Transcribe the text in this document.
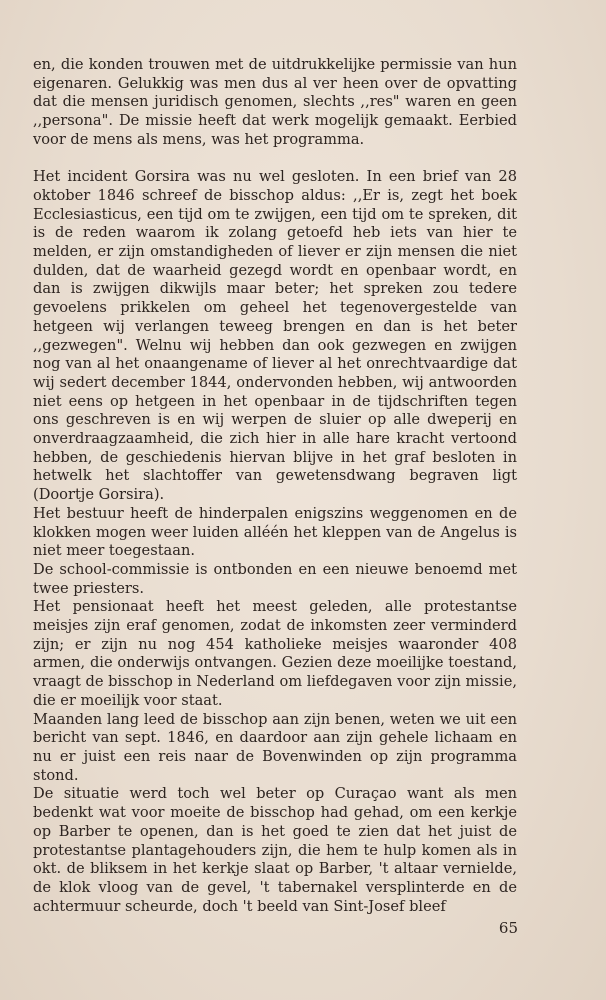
en, die konden trouwen met de uitdrukkelijke permissie van hun eigenaren. Gelukkig was men dus al ver heen over de opvatting dat die mensen juridisch genomen, slechts ,,res" waren en geen ,,persona". De missie heeft dat werk mogelijk gemaakt. Eerbied voor de mens als mens, was het programma.

Het incident Gorsira was nu wel gesloten. In een brief van 28 oktober 1846 schreef de bisschop aldus: ,,Er is, zegt het boek Ecclesiasticus, een tijd om te zwijgen, een tijd om te spreken, dit is de reden waarom ik zolang getoefd heb iets van hier te melden, er zijn omstandigheden of liever er zijn mensen die niet dulden, dat de waarheid gezegd wordt en openbaar wordt, en dan is zwijgen dikwijls maar beter; het spreken zou tedere gevoelens prikkelen om geheel het tegenovergestelde van hetgeen wij verlangen teweeg brengen en dan is het beter ,,gezwegen". Welnu wij hebben dan ook gezwegen en zwijgen nog van al het onaangename of liever al het onrechtvaardige dat wij sedert december 1844, ondervonden hebben, wij antwoorden niet eens op hetgeen in het openbaar in de tijdschriften tegen ons geschreven is en wij werpen de sluier op alle dweperij en onverdraagzaamheid, die zich hier in alle hare kracht vertoond hebben, de geschiedenis hiervan blijve in het graf besloten in hetwelk het slachtoffer van gewetensdwang begraven ligt (Doortje Gorsira).

Het bestuur heeft de hinderpalen enigszins weggenomen en de klokken mogen weer luiden alléén het kleppen van de Angelus is niet meer toegestaan.

De school-commissie is ontbonden en een nieuwe benoemd met twee priesters.

Het pensionaat heeft het meest geleden, alle protestantse meisjes zijn eraf genomen, zodat de inkomsten zeer verminderd zijn; er zijn nu nog 454 katholieke meisjes waaronder 408 armen, die onderwijs ontvangen. Gezien deze moeilijke toestand, vraagt de bisschop in Nederland om liefdegaven voor zijn missie, die er moeilijk voor staat.

Maanden lang leed de bisschop aan zijn benen, weten we uit een bericht van sept. 1846, en daardoor aan zijn gehele lichaam en nu er juist een reis naar de Bovenwinden op zijn programma stond.

De situatie werd toch wel beter op Curaçao want als men bedenkt wat voor moeite de bisschop had gehad, om een kerkje op Barber te openen, dan is het goed te zien dat het juist de protestantse plantagehouders zijn, die hem te hulp komen als in okt. de bliksem in het kerkje slaat op Barber, 't altaar vernielde, de klok vloog van de gevel, 't tabernakel versplinterde en de achtermuur scheurde, doch 't beeld van Sint-Josef bleef

65
